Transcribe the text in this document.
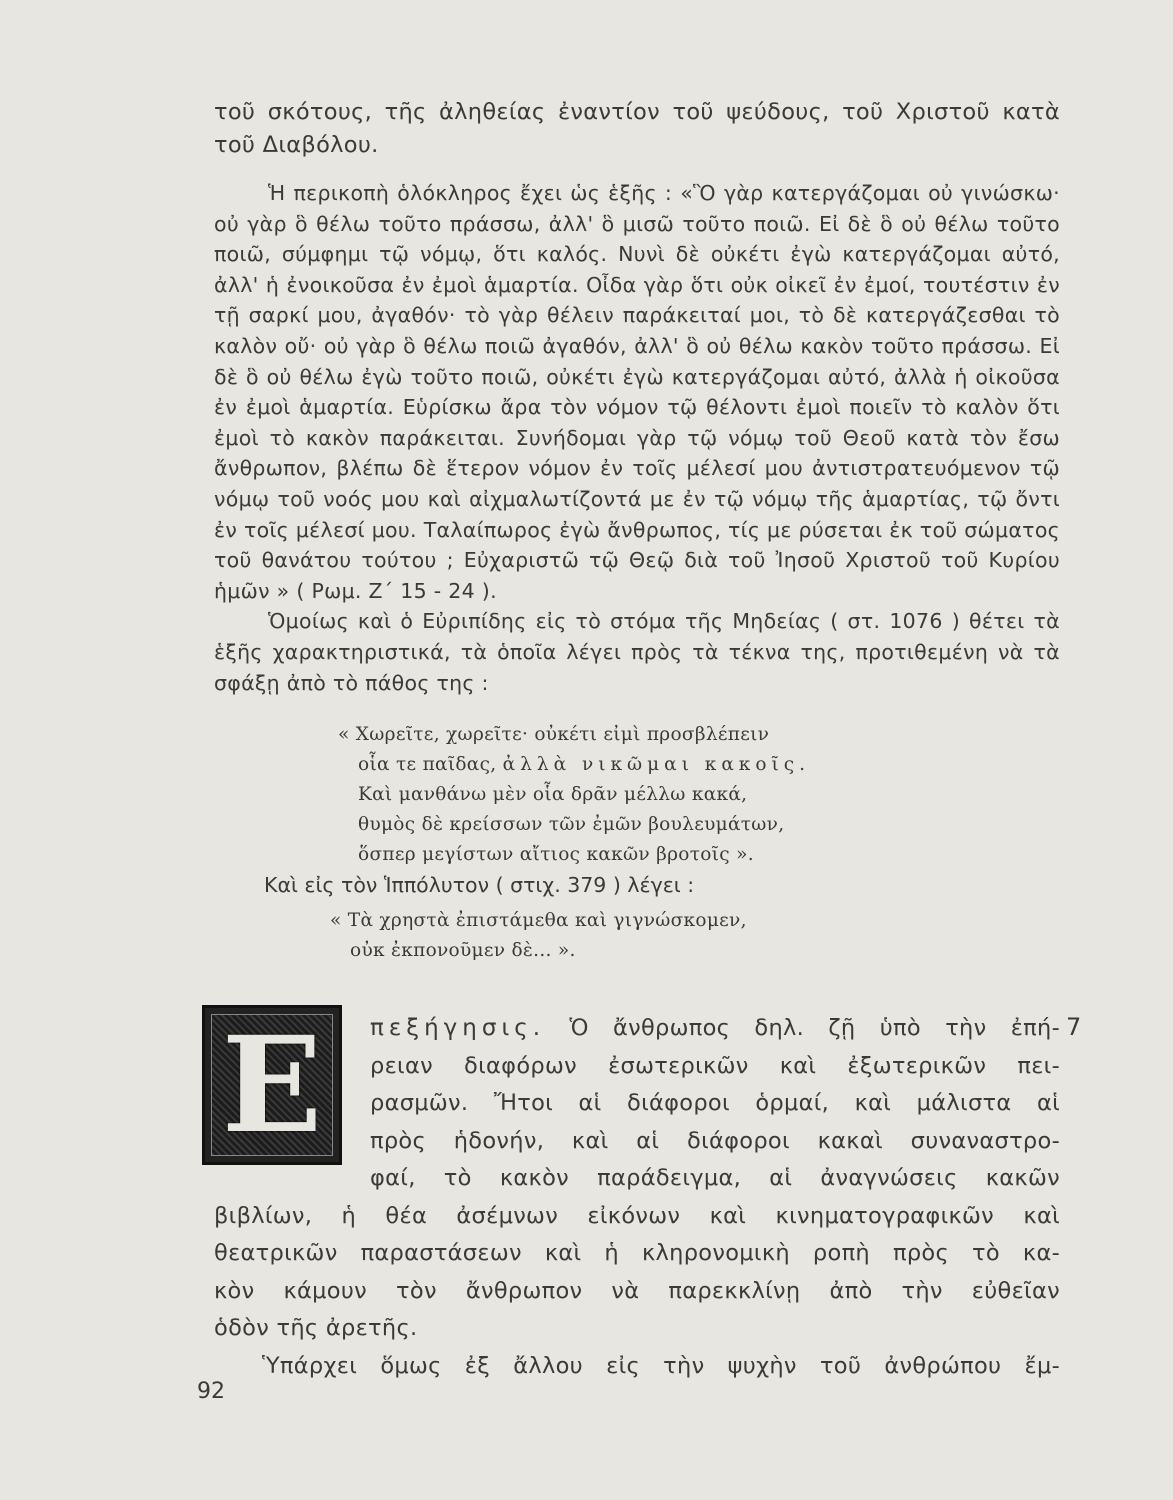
τοῦ σκότους, τῆς ἀληθείας ἐναντίον τοῦ ψεύδους, τοῦ Χριστοῦ κατὰ τοῦ Διαβόλου.

Ἡ περικοπὴ ὁλόκληρος ἔχει ὡς ἑξῆς : «Ὃ γὰρ κατεργάζομαι οὐ γινώσκω· οὐ γὰρ ὃ θέλω τοῦτο πράσσω, ἀλλ' ὃ μισῶ τοῦτο ποιῶ. Εἰ δὲ ὃ οὐ θέλω τοῦτο ποιῶ, σύμφημι τῷ νόμῳ, ὅτι καλός. Νυνὶ δὲ οὐκέτι ἐγὼ κατεργάζομαι αὐτό, ἀλλ' ἡ ἐνοικοῦσα ἐν ἐμοὶ ἁμαρτία. Οἶδα γὰρ ὅτι οὐκ οἰκεῖ ἐν ἐμοί, τουτέστιν ἐν τῇ σαρκί μου, ἀγαθόν· τὸ γὰρ θέλειν παράκειταί μοι, τὸ δὲ κατεργάζεσθαι τὸ καλὸν οὔ· οὐ γὰρ ὃ θέλω ποιῶ ἀγαθόν, ἀλλ' ὃ οὐ θέλω κακὸν τοῦτο πράσσω. Εἰ δὲ ὃ οὐ θέλω ἐγὼ τοῦτο ποιῶ, οὐκέτι ἐγὼ κατεργάζομαι αὐτό, ἀλλὰ ἡ οἰκοῦσα ἐν ἐμοὶ ἁμαρτία. Εὑρίσκω ἄρα τὸν νόμον τῷ θέλοντι ἐμοὶ ποιεῖν τὸ καλὸν ὅτι ἐμοὶ τὸ κακὸν παράκειται. Συνήδομαι γὰρ τῷ νόμῳ τοῦ Θεοῦ κατὰ τὸν ἔσω ἄνθρωπον, βλέπω δὲ ἕτερον νόμον ἐν τοῖς μέλεσί μου ἀντιστρατευόμενον τῷ νόμῳ τοῦ νοός μου καὶ αἰχμαλωτίζοντά με ἐν τῷ νόμῳ τῆς ἁμαρτίας, τῷ ὄντι ἐν τοῖς μέλεσί μου. Ταλαίπωρος ἐγὼ ἄνθρωπος, τίς με ρύσεται ἐκ τοῦ σώματος τοῦ θανάτου τούτου ; Εὐχαριστῶ τῷ Θεῷ διὰ τοῦ Ἰησοῦ Χριστοῦ τοῦ Κυρίου ἡμῶν » ( Ρωμ. Ζ´ 15 - 24 ).

Ὁμοίως καὶ ὁ Εὐριπίδης εἰς τὸ στόμα τῆς Μηδείας ( στ. 1076 ) θέτει τὰ ἑξῆς χαρακτηριστικά, τὰ ὁποῖα λέγει πρὸς τὰ τέκνα της, προτιθεμένη νὰ τὰ σφάξῃ ἀπὸ τὸ πάθος της :

« Χωρεῖτε, χωρεῖτε· οὐκέτι εἰμὶ προσβλέπειν
οἷα τε παῖδας, ἀλλὰ νικῶμαι κακοῖς.
Καὶ μανθάνω μὲν οἷα δρᾶν μέλλω κακά,
θυμὸς δὲ κρείσσων τῶν ἐμῶν βουλευμάτων,
ὅσπερ μεγίστων αἴτιος κακῶν βροτοῖς ».
Καὶ εἰς τὸν Ἱππόλυτον ( στιχ. 379 ) λέγει :
« Τὰ χρηστὰ ἐπιστάμεθα καὶ γιγνώσκομεν,
οὐκ ἐκπονοῦμεν δὲ... ».
Ε	πεξήγησις. Ὁ ἄνθρωπος δηλ. ζῇ ὑπὸ τὴν ἐπή-
ρειαν διαφόρων ἐσωτερικῶν καὶ ἐξωτερικῶν πει-
ρασμῶν. Ἤτοι αἱ διάφοροι ὁρμαί, καὶ μάλιστα αἱ
πρὸς ἡδονήν, καὶ αἱ διάφοροι κακαὶ συναναστρο-
φαί, τὸ κακὸν παράδειγμα, αἱ ἀναγνώσεις κακῶν
βιβλίων, ἡ θέα ἀσέμνων εἰκόνων καὶ κινηματογραφικῶν καὶ
θεατρικῶν παραστάσεων καὶ ἡ κληρονομικὴ ροπὴ πρὸς τὸ κα-
κὸν κάμουν τὸν ἄνθρωπον νὰ παρεκκλίνῃ ἀπὸ τὴν εὐθεῖαν
ὁδὸν τῆς ἀρετῆς.
Ὑπάρχει ὅμως ἐξ ἄλλου εἰς τὴν ψυχὴν τοῦ ἀνθρώπου ἔμ-
7
92
